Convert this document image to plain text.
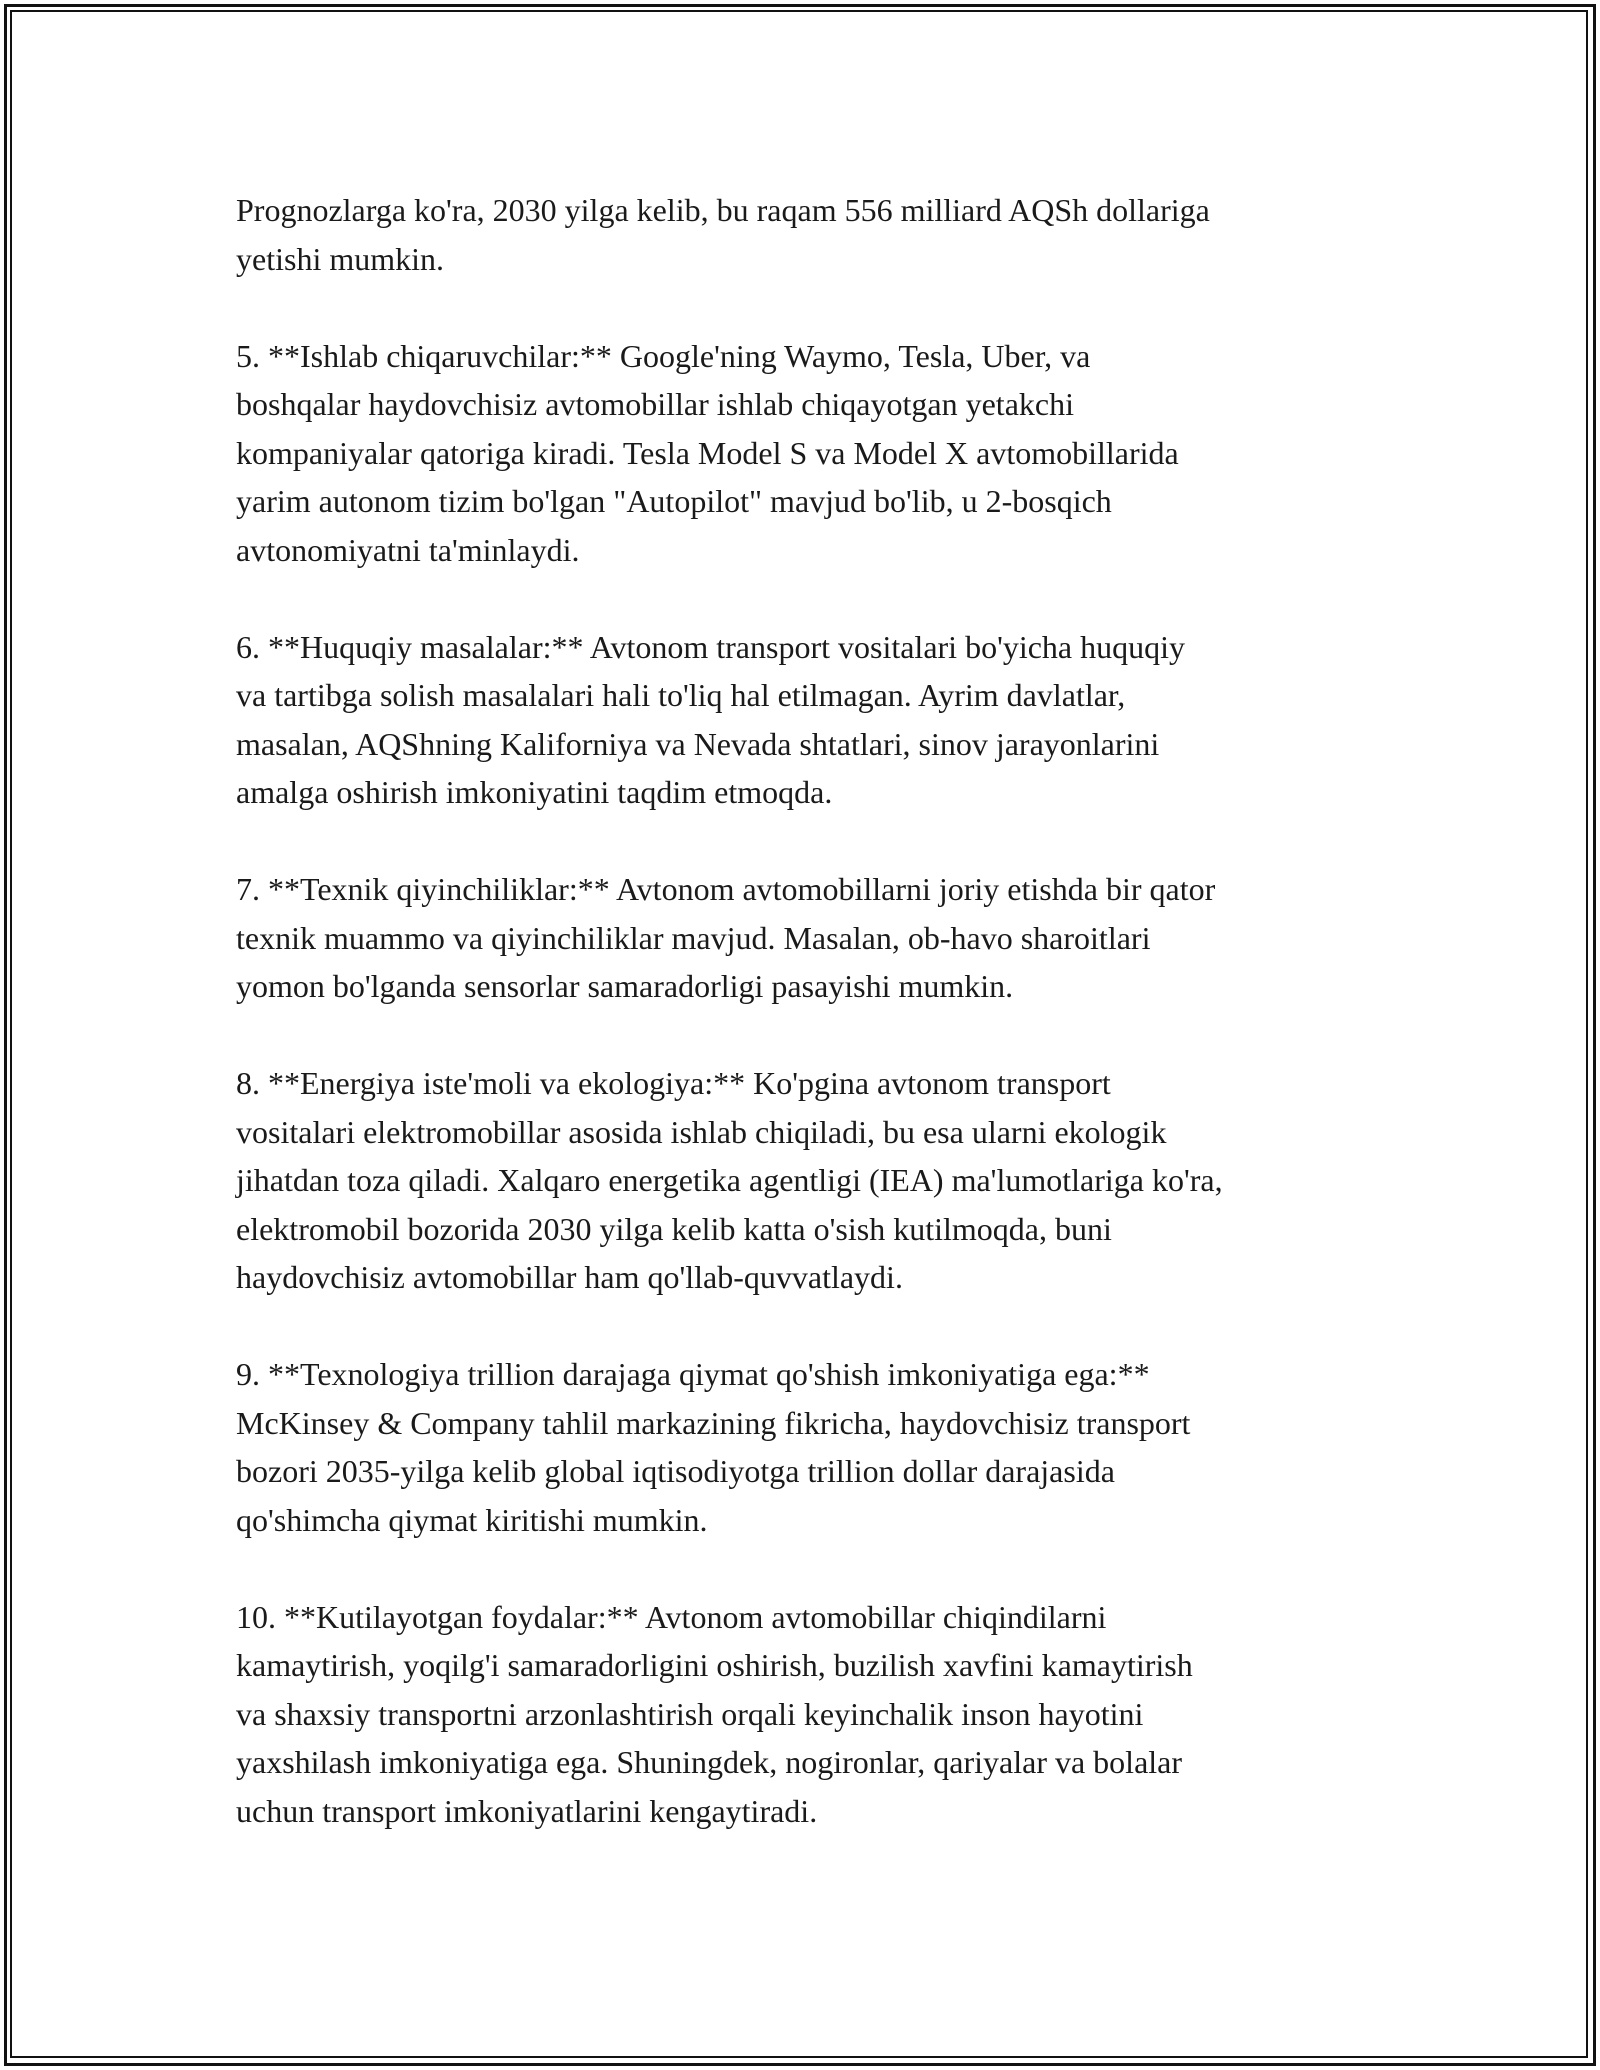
Prognozlarga ko'ra, 2030 yilga kelib, bu raqam 556 milliard AQSh dollariga
yetishi mumkin.

5. **Ishlab chiqaruvchilar:** Google'ning Waymo, Tesla, Uber, va
boshqalar haydovchisiz avtomobillar ishlab chiqayotgan yetakchi
kompaniyalar qatoriga kiradi. Tesla Model S va Model X avtomobillarida
yarim autonom tizim bo'lgan "Autopilot" mavjud bo'lib, u 2-bosqich
avtonomiyatni ta'minlaydi.

6. **Huquqiy masalalar:** Avtonom transport vositalari bo'yicha huquqiy
va tartibga solish masalalari hali to'liq hal etilmagan. Ayrim davlatlar,
masalan, AQShning Kaliforniya va Nevada shtatlari, sinov jarayonlarini
amalga oshirish imkoniyatini taqdim etmoqda.

7. **Texnik qiyinchiliklar:** Avtonom avtomobillarni joriy etishda bir qator
texnik muammo va qiyinchiliklar mavjud. Masalan, ob-havo sharoitlari
yomon bo'lganda sensorlar samaradorligi pasayishi mumkin.

8. **Energiya iste'moli va ekologiya:** Ko'pgina avtonom transport
vositalari elektromobillar asosida ishlab chiqiladi, bu esa ularni ekologik
jihatdan toza qiladi. Xalqaro energetika agentligi (IEA) ma'lumotlariga ko'ra,
elektromobil bozorida 2030 yilga kelib katta o'sish kutilmoqda, buni
haydovchisiz avtomobillar ham qo'llab-quvvatlaydi.

9. **Texnologiya trillion darajaga qiymat qo'shish imkoniyatiga ega:**
McKinsey & Company tahlil markazining fikricha, haydovchisiz transport
bozori 2035-yilga kelib global iqtisodiyotga trillion dollar darajasida
qo'shimcha qiymat kiritishi mumkin.

10. **Kutilayotgan foydalar:** Avtonom avtomobillar chiqindilarni
kamaytirish, yoqilg'i samaradorligini oshirish, buzilish xavfini kamaytirish
va shaxsiy transportni arzonlashtirish orqali keyinchalik inson hayotini
yaxshilash imkoniyatiga ega. Shuningdek, nogironlar, qariyalar va bolalar
uchun transport imkoniyatlarini kengaytiradi.
